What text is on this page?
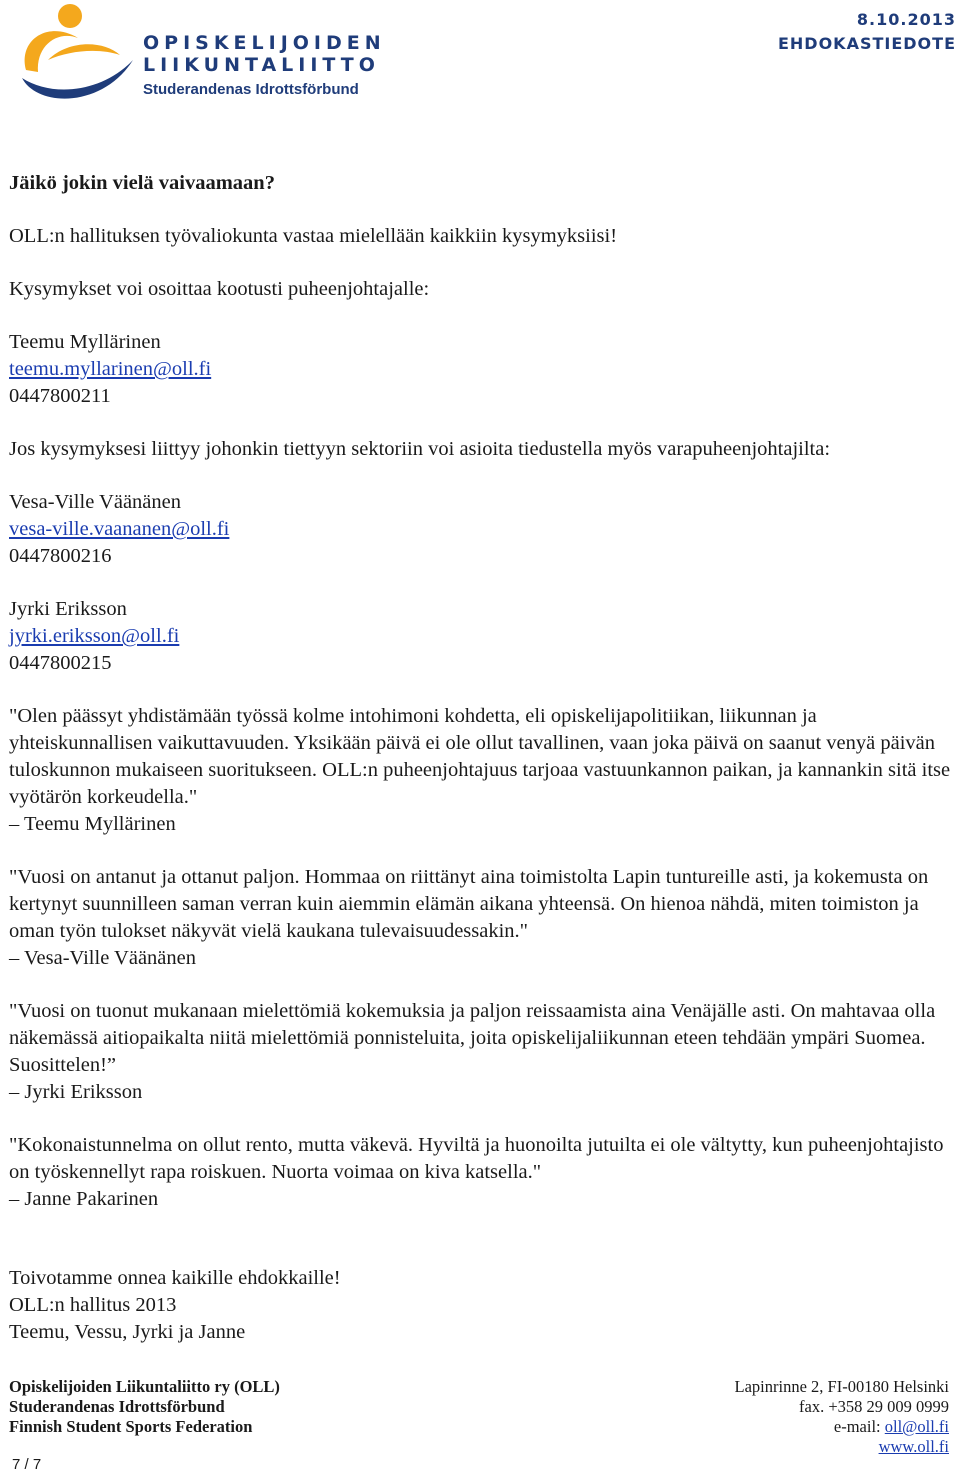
OPISKELIJOIDEN
LIIKUNTALIITTO
Studerandenas Idrottsförbund
8.10.2013
EHDOKASTIEDOTE

Jäikö jokin vielä vaivaamaan?

OLL:n hallituksen työvaliokunta vastaa mielellään kaikkiin kysymyksiisi!

Kysymykset voi osoittaa kootusti puheenjohtajalle:

Teemu Myllärinen

teemu.myllarinen@oll.fi

0447800211

Jos kysymyksesi liittyy johonkin tiettyyn sektoriin voi asioita tiedustella myös varapuheenjohtajilta:

Vesa-Ville Väänänen

vesa-ville.vaananen@oll.fi

0447800216

Jyrki Eriksson

jyrki.eriksson@oll.fi

0447800215

"Olen päässyt yhdistämään työssä kolme intohimoni kohdetta, eli opiskelijapolitiikan, liikunnan ja yhteiskunnallisen vaikuttavuuden. Yksikään päivä ei ole ollut tavallinen, vaan joka päivä on saanut venyä päivän tuloskunnon mukaiseen suoritukseen. OLL:n puheenjohtajuus tarjoaa vastuunkannon paikan, ja kannankin sitä itse vyötärön korkeudella."

– Teemu Myllärinen

"Vuosi on antanut ja ottanut paljon. Hommaa on riittänyt aina toimistolta Lapin tuntureille asti, ja kokemusta on kertynyt suunnilleen saman verran kuin aiemmin elämän aikana yhteensä. On hienoa nähdä, miten toimiston ja oman työn tulokset näkyvät vielä kaukana tulevaisuudessakin."

– Vesa-Ville Väänänen

"Vuosi on tuonut mukanaan mielettömiä kokemuksia ja paljon reissaamista aina Venäjälle asti. On mahtavaa olla näkemässä aitiopaikalta niitä mielettömiä ponnisteluita, joita opiskelijaliikunnan eteen tehdään ympäri Suomea. Suosittelen!”

– Jyrki Eriksson

"Kokonaistunnelma on ollut rento, mutta väkevä. Hyviltä ja huonoilta jutuilta ei ole vältytty, kun puheenjohtajisto on työskennellyt rapa roiskuen. Nuorta voimaa on kiva katsella."

– Janne Pakarinen

Toivotamme onnea kaikille ehdokkaille!

OLL:n hallitus 2013

Teemu, Vessu, Jyrki ja Janne

Opiskelijoiden Liikuntaliitto ry (OLL)
Studerandenas Idrottsförbund
Finnish Student Sports Federation
Lapinrinne 2, FI-00180 Helsinki
fax. +358 29 009 0999
e-mail: oll@oll.fi
www.oll.fi
7 / 7
